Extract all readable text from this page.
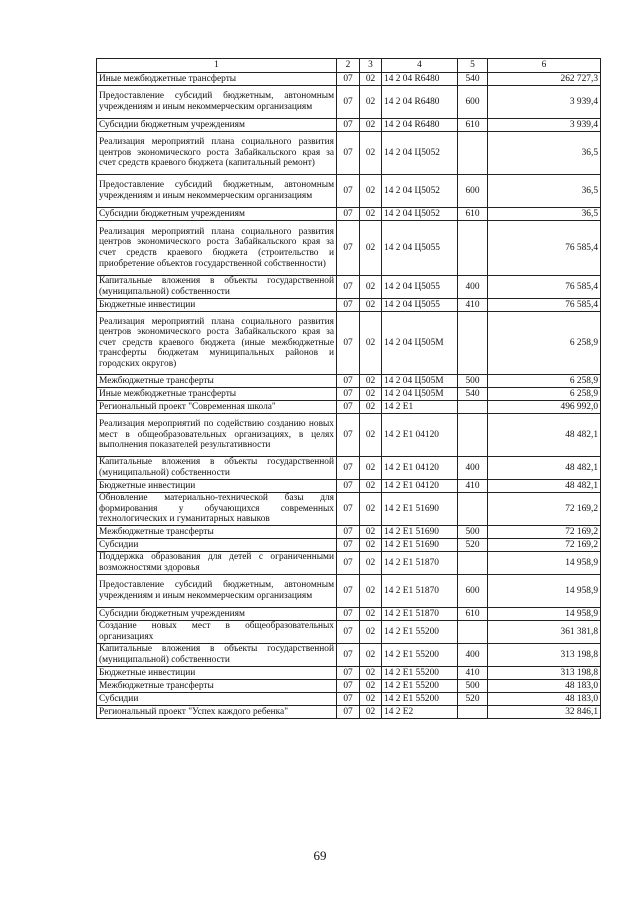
1	2	3	4	5	6
Иные межбюджетные трансферты	07	02	14 2 04 R6480	540	262 727,3
Предоставление субсидий бюджетным, автономным учреждениям и иным некоммерческим организациям	07	02	14 2 04 R6480	600	3 939,4
Субсидии бюджетным учреждениям	07	02	14 2 04 R6480	610	3 939,4
Реализация мероприятий плана социального развития центров экономического роста Забайкальского края за счет средств краевого бюджета (капитальный ремонт)	07	02	14 2 04 Ц5052		36,5
Предоставление субсидий бюджетным, автономным учреждениям и иным некоммерческим организациям	07	02	14 2 04 Ц5052	600	36,5
Субсидии бюджетным учреждениям	07	02	14 2 04 Ц5052	610	36,5
Реализация мероприятий плана социального развития центров экономического роста Забайкальского края за счет средств краевого бюджета (строительство и приобретение объектов государственной собственности)	07	02	14 2 04 Ц5055		76 585,4
Капитальные вложения в объекты государственной (муниципальной) собственности	07	02	14 2 04 Ц5055	400	76 585,4
Бюджетные инвестиции	07	02	14 2 04 Ц5055	410	76 585,4
Реализация мероприятий плана социального развития центров экономического роста Забайкальского края за счет средств краевого бюджета (иные межбюджетные трансферты бюджетам муниципальных районов и городских округов)	07	02	14 2 04 Ц505М		6 258,9
Межбюджетные трансферты	07	02	14 2 04 Ц505М	500	6 258,9
Иные межбюджетные трансферты	07	02	14 2 04 Ц505М	540	6 258,9
Региональный проект "Современная школа"	07	02	14 2 E1		496 992,0
Реализация мероприятий по содействию созданию новых мест в общеобразовательных организациях, в целях выполнения показателей результативности	07	02	14 2 E1 04120		48 482,1
Капитальные вложения в объекты государственной (муниципальной) собственности	07	02	14 2 E1 04120	400	48 482,1
Бюджетные инвестиции	07	02	14 2 E1 04120	410	48 482,1
Обновление материально-технической базы для формирования у обучающихся современных технологических и гуманитарных навыков	07	02	14 2 E1 51690		72 169,2
Межбюджетные трансферты	07	02	14 2 E1 51690	500	72 169,2
Субсидии	07	02	14 2 E1 51690	520	72 169,2
Поддержка образования для детей с ограниченными возможностями здоровья	07	02	14 2 E1 51870		14 958,9
Предоставление субсидий бюджетным, автономным учреждениям и иным некоммерческим организациям	07	02	14 2 E1 51870	600	14 958,9
Субсидии бюджетным учреждениям	07	02	14 2 E1 51870	610	14 958,9
Создание новых мест в общеобразовательных организациях	07	02	14 2 E1 55200		361 381,8
Капитальные вложения в объекты государственной (муниципальной) собственности	07	02	14 2 E1 55200	400	313 198,8
Бюджетные инвестиции	07	02	14 2 E1 55200	410	313 198,8
Межбюджетные трансферты	07	02	14 2 E1 55200	500	48 183,0
Субсидии	07	02	14 2 E1 55200	520	48 183,0
Региональный проект "Успех каждого ребенка"	07	02	14 2 E2		32 846,1
69
